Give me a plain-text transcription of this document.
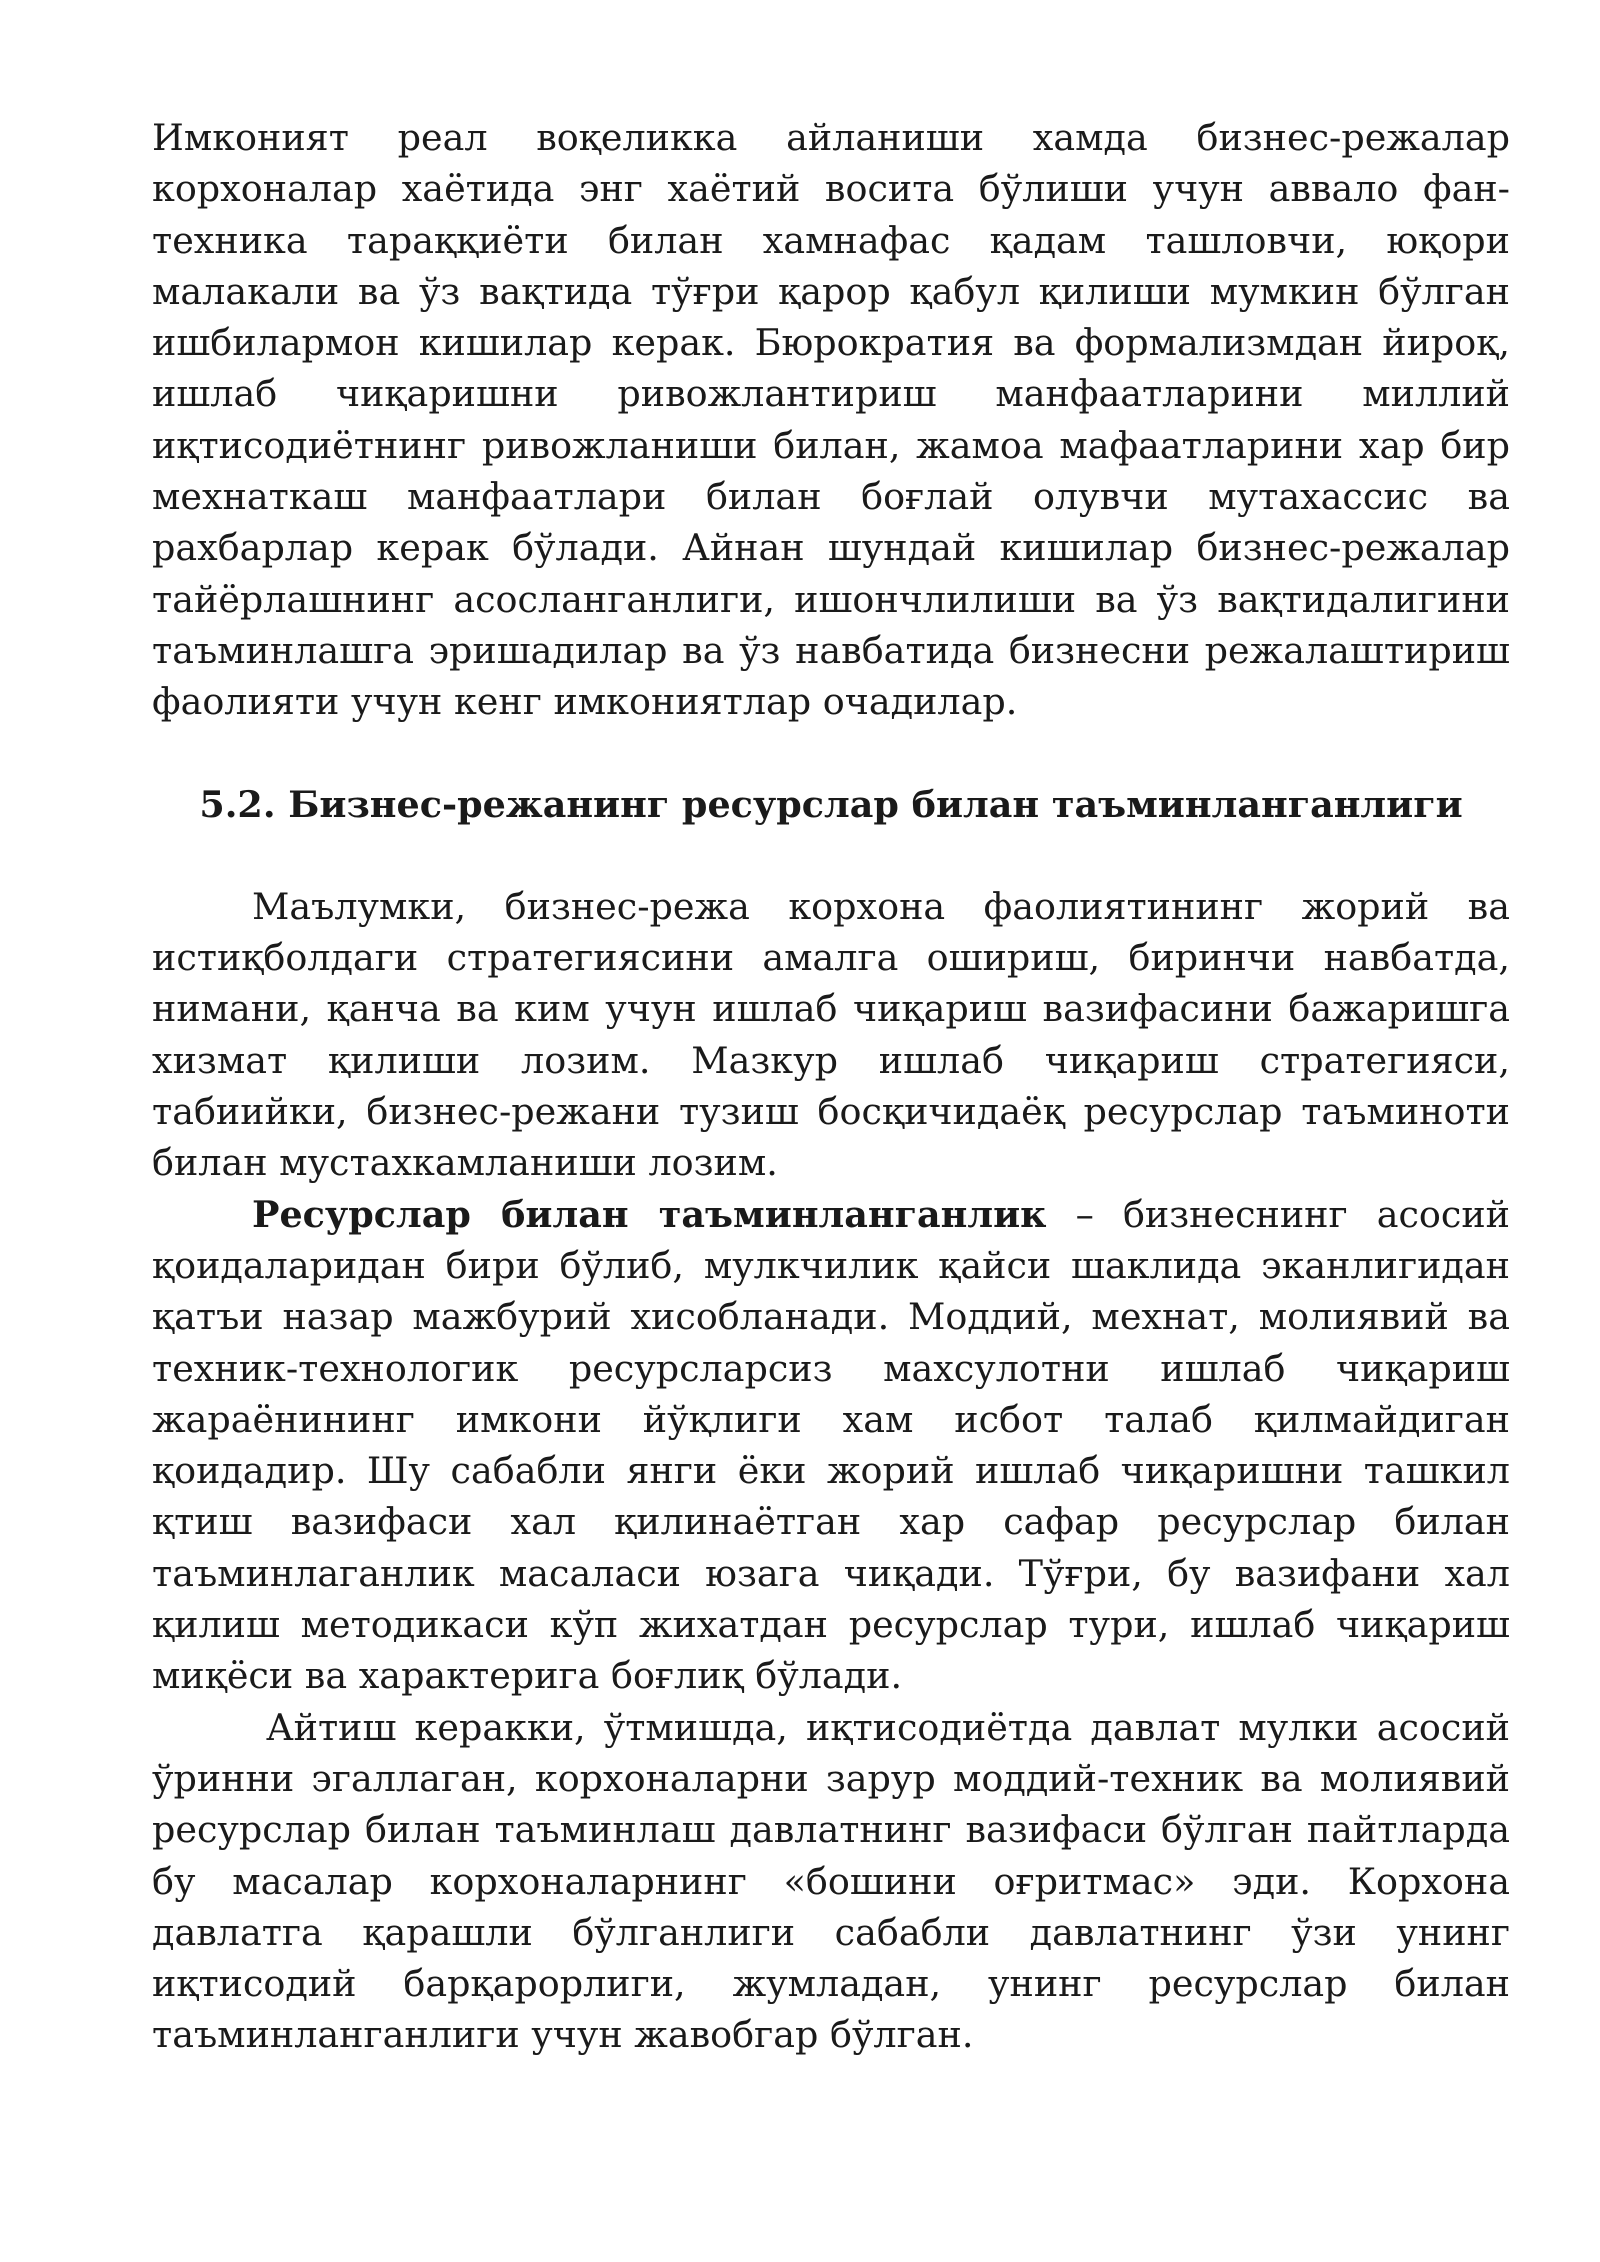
Имконият реал воқеликка айланиши хамда бизнес-режалар корхоналар хаётида энг хаётий восита бўлиши учун аввало фан-техника тараққиёти билан хамнафас қадам ташловчи, юқори малакали ва ўз вақтида тўғри қарор қабул қилиши мумкин бўлган ишбилармон кишилар керак. Бюрократия ва формализмдан йироқ, ишлаб чиқаришни ривожлантириш манфаатларини миллий иқтисодиётнинг ривожланиши билан, жамоа мафаатларини хар бир мехнаткаш манфаатлари билан боғлай олувчи мутахассис ва рахбарлар керак бўлади. Айнан шундай кишилар бизнес-режалар тайёрлашнинг асосланганлиги, ишончлилиши ва ўз вақтидалигини таъминлашга эришадилар ва ўз навбатида бизнесни режалаштириш фаолияти учун кенг имкониятлар очадилар.

5.2. Бизнес-режанинг ресурслар билан таъминланганлиги

Маълумки, бизнес-режа корхона фаолиятининг жорий ва истиқболдаги стратегиясини амалга ошириш, биринчи навбатда, нимани, қанча ва ким учун ишлаб чиқариш вазифасини бажаришга хизмат қилиши лозим. Мазкур ишлаб чиқариш стратегияси, табиийки, бизнес-режани тузиш босқичидаёқ ресурслар таъминоти билан мустахкамланиши лозим.

Ресурслар билан таъминланганлик – бизнеснинг асосий қоидаларидан бири бўлиб, мулкчилик қайси шаклида эканлигидан қатъи назар мажбурий хисобланади. Моддий, мехнат, молиявий ва техник-технологик ресурсларсиз махсулотни ишлаб чиқариш жараёнининг имкони йўқлиги хам исбот талаб қилмайдиган қоидадир. Шу сабабли янги ёки жорий ишлаб чиқаришни ташкил қтиш вазифаси хал қилинаётган хар сафар ресурслар билан таъминлаганлик масаласи юзага чиқади. Тўғри, бу вазифани хал қилиш методикаси кўп жихатдан ресурслар тури, ишлаб чиқариш миқёси ва характерига боғлиқ бўлади.

Айтиш керакки, ўтмишда, иқтисодиётда давлат мулки асосий ўринни эгаллаган, корхоналарни зарур моддий-техник ва молиявий ресурслар билан таъминлаш давлатнинг вазифаси бўлган пайтларда бу масалар корхоналарнинг «бошини оғритмас» эди. Корхона давлатга қарашли бўлганлиги сабабли давлатнинг ўзи унинг иқтисодий барқарорлиги, жумладан, унинг ресурслар билан таъминланганлиги учун жавобгар бўлган.
